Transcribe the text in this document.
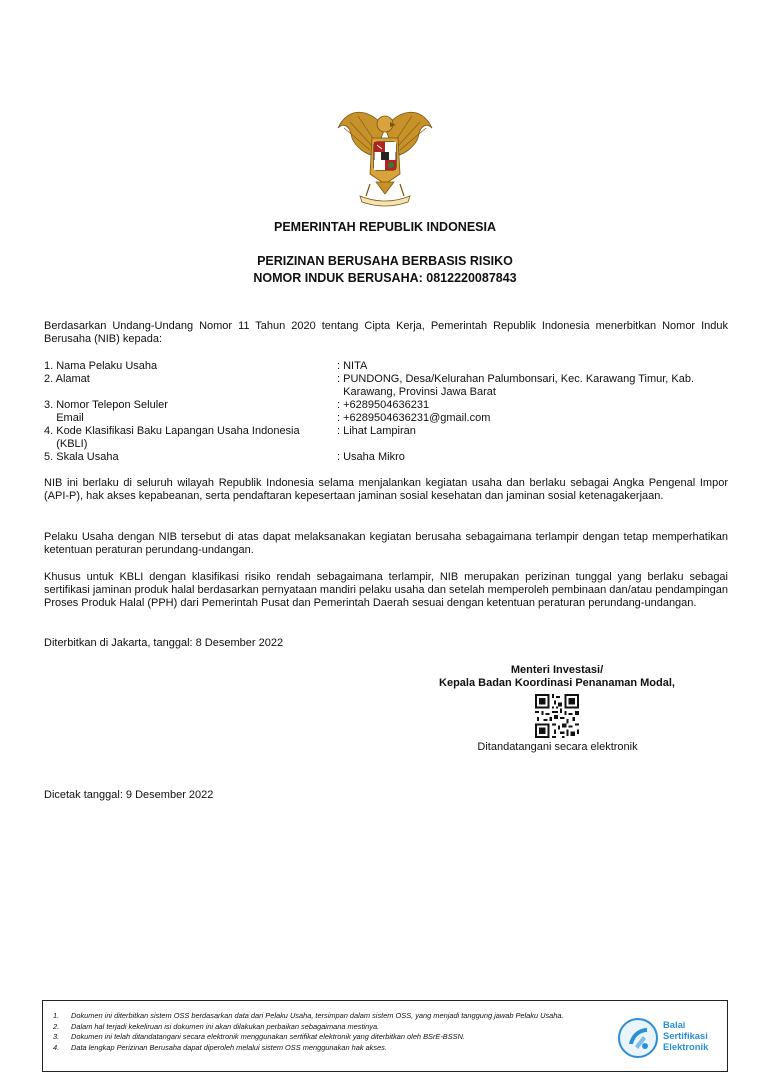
PEMERINTAH REPUBLIK INDONESIA
PERIZINAN BERUSAHA BERBASIS RISIKO
NOMOR INDUK BERUSAHA: 0812220087843
Berdasarkan Undang-Undang Nomor 11 Tahun 2020 tentang Cipta Kerja, Pemerintah Republik Indonesia menerbitkan Nomor Induk Berusaha (NIB) kepada:
1. Nama Pelaku Usaha	: NITA
2. Alamat	: PUNDONG, Desa/Kelurahan Palumbonsari, Kec. Karawang Timur, Kab.
Karawang, Provinsi Jawa Barat
3. Nomor Telepon Seluler	: +6289504636231
Email	: +6289504636231@gmail.com
4. Kode Klasifikasi Baku Lapangan Usaha Indonesia
(KBLI)
: Lihat Lampiran
5. Skala Usaha	: Usaha Mikro
NIB ini berlaku di seluruh wilayah Republik Indonesia selama menjalankan kegiatan usaha dan berlaku sebagai Angka Pengenal Impor (API-P), hak akses kepabeanan, serta pendaftaran kepesertaan jaminan sosial kesehatan dan jaminan sosial ketenagakerjaan.
Pelaku Usaha dengan NIB tersebut di atas dapat melaksanakan kegiatan berusaha sebagaimana terlampir dengan tetap memperhatikan ketentuan peraturan perundang-undangan.
Khusus untuk KBLI dengan klasifikasi risiko rendah sebagaimana terlampir, NIB merupakan perizinan tunggal yang berlaku sebagai sertifikasi jaminan produk halal berdasarkan pernyataan mandiri pelaku usaha dan setelah memperoleh pembinaan dan/atau pendampingan Proses Produk Halal (PPH) dari Pemerintah Pusat dan Pemerintah Daerah sesuai dengan ketentuan peraturan perundang-undangan.
Diterbitkan di Jakarta, tanggal: 8 Desember 2022
Menteri Investasi/
Kepala Badan Koordinasi Penanaman Modal,
Ditandatangani secara elektronik
Dicetak tanggal: 9 Desember 2022
1. Dokumen ini diterbitkan sistem OSS berdasarkan data dari Pelaku Usaha, tersimpan dalam sistem OSS, yang menjadi tanggung jawab Pelaku Usaha.
2. Dalam hal terjadi kekeliruan isi dokumen ini akan dilakukan perbaikan sebagaimana mestinya.
3. Dokumen ini telah ditandatangani secara elektronik menggunakan sertifikat elektronik yang diterbitkan oleh BSrE-BSSN.
4. Data lengkap Perizinan Berusaha dapat diperoleh melalui sistem OSS menggunakan hak akses.
Balai
Sertifikasi
Elektronik
